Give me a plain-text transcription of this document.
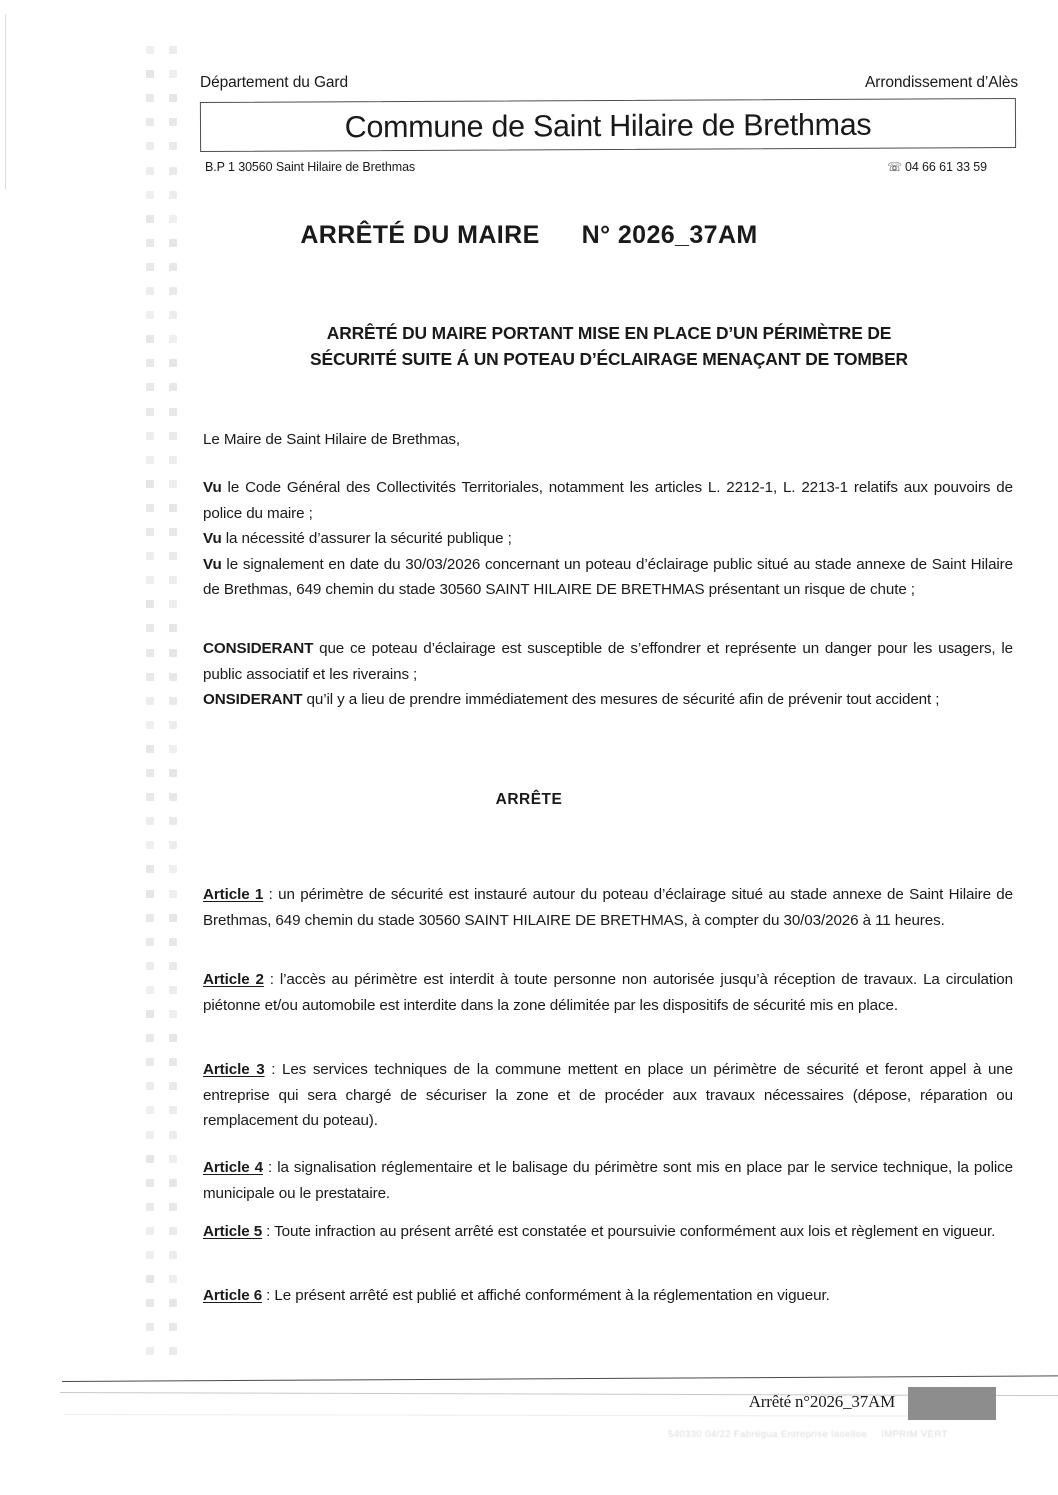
Département du Gard	Arrondissement d’Alès
Commune de Saint Hilaire de Brethmas
B.P 1 30560 Saint Hilaire de Brethmas	☏ 04 66 61 33 59
ARRÊTÉ DU MAIRE N° 2026_37AM
ARRÊTÉ DU MAIRE PORTANT MISE EN PLACE D’UN PÉRIMÈTRE DE
SÉCURITÉ SUITE Á UN POTEAU D’ÉCLAIRAGE MENAÇANT DE TOMBER

Le Maire de Saint Hilaire de Brethmas,

Vu le Code Général des Collectivités Territoriales, notamment les articles L. 2212-1, L. 2213-1 relatifs aux pouvoirs de police du maire ;

Vu la nécessité d’assurer la sécurité publique ;

Vu le signalement en date du 30/03/2026 concernant un poteau d’éclairage public situé au stade annexe de Saint Hilaire de Brethmas, 649 chemin du stade 30560 SAINT HILAIRE DE BRETHMAS présentant un risque de chute ;

CONSIDERANT que ce poteau d’éclairage est susceptible de s’effondrer et représente un danger pour les usagers, le public associatif et les riverains ;

ONSIDERANT qu’il y a lieu de prendre immédiatement des mesures de sécurité afin de prévenir tout accident ;

ARRÊTE
Article 1 : un périmètre de sécurité est instauré autour du poteau d’éclairage situé au stade annexe de Saint Hilaire de Brethmas, 649 chemin du stade 30560 SAINT HILAIRE DE BRETHMAS, à compter du 30/03/2026 à 11 heures.
Article 2 : l’accès au périmètre est interdit à toute personne non autorisée jusqu’à réception de travaux. La circulation piétonne et/ou automobile est interdite dans la zone délimitée par les dispositifs de sécurité mis en place.
Article 3 : Les services techniques de la commune mettent en place un périmètre de sécurité et feront appel à une entreprise qui sera chargé de sécuriser la zone et de procéder aux travaux nécessaires (dépose, réparation ou remplacement du poteau).
Article 4 : la signalisation réglementaire et le balisage du périmètre sont mis en place par le service technique, la police municipale ou le prestataire.
Article 5 : Toute infraction au présent arrêté est constatée et poursuivie conformément aux lois et règlement en vigueur.
Article 6 : Le présent arrêté est publié et affiché conformément à la réglementation en vigueur.
Arrêté n°2026_37AM
540330 04/22 Fabrégua Entreprise laoelloe IMPRIM VERT
